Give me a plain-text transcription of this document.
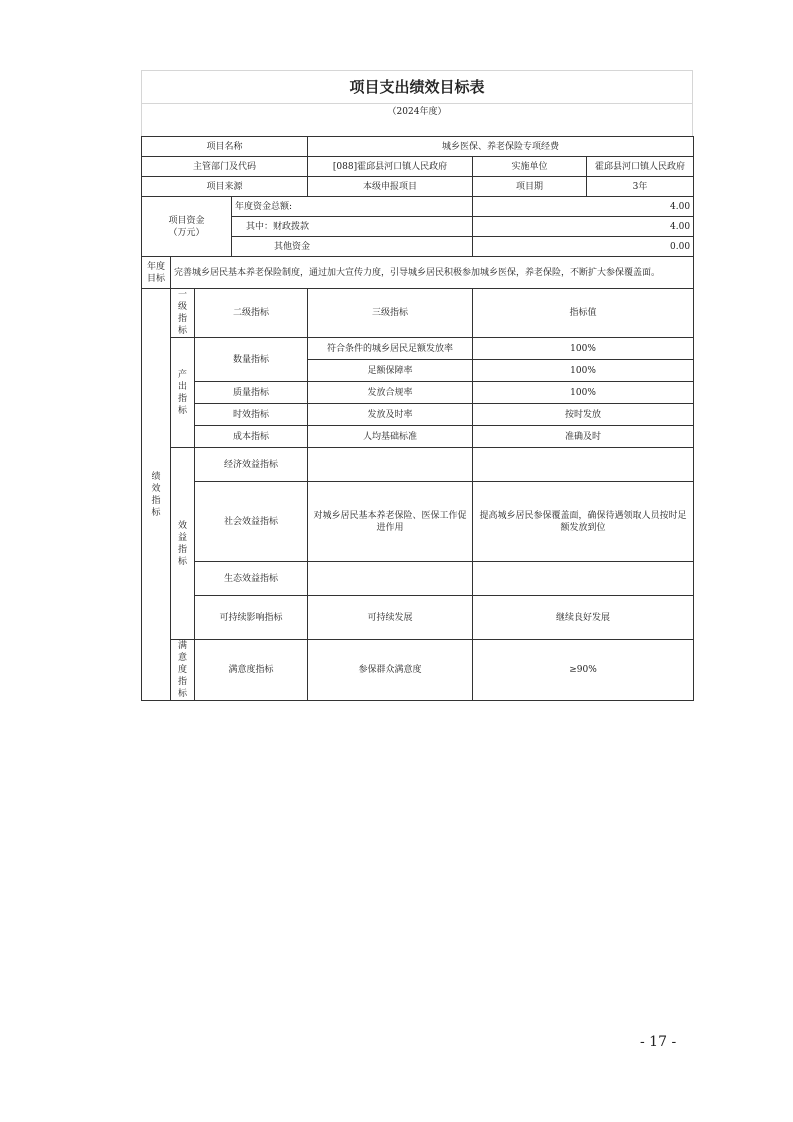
项目支出绩效目标表
（2024年度）
项目名称				城乡医保、养老保险专项经费		
主管部门及代码				[088]霍邱县河口镇人民政府	实施单位	霍邱县河口镇人民政府
项目来源				本级申报项目	项目期	3年
项目资金
（万元）			年度资金总额:		4.00	
			其中：财政拨款		4.00	
			其他资金		0.00	
年度目标	完善城乡居民基本养老保险制度，通过加大宣传力度，引导城乡居民积极参加城乡医保，养老保险，不断扩大参保覆盖面。					
绩效指标	一级指标	二级指标		三级指标	指标值	
	产出指标	数量指标		符合条件的城乡居民足额发放率	100%	
				足额保障率	100%	
		质量指标		发放合规率	100%	
		时效指标		发放及时率	按时发放	
		成本指标		人均基础标准	准确及时	
	效益指标	经济效益指标				
		社会效益指标		对城乡居民基本养老保险、医保工作促进作用	提高城乡居民参保覆盖面，确保待遇领取人员按时足额发放到位	
		生态效益指标				
		可持续影响指标		可持续发展	继续良好发展	
	满意度指标	满意度指标		参保群众满意度	≥90%	
- 17 -
